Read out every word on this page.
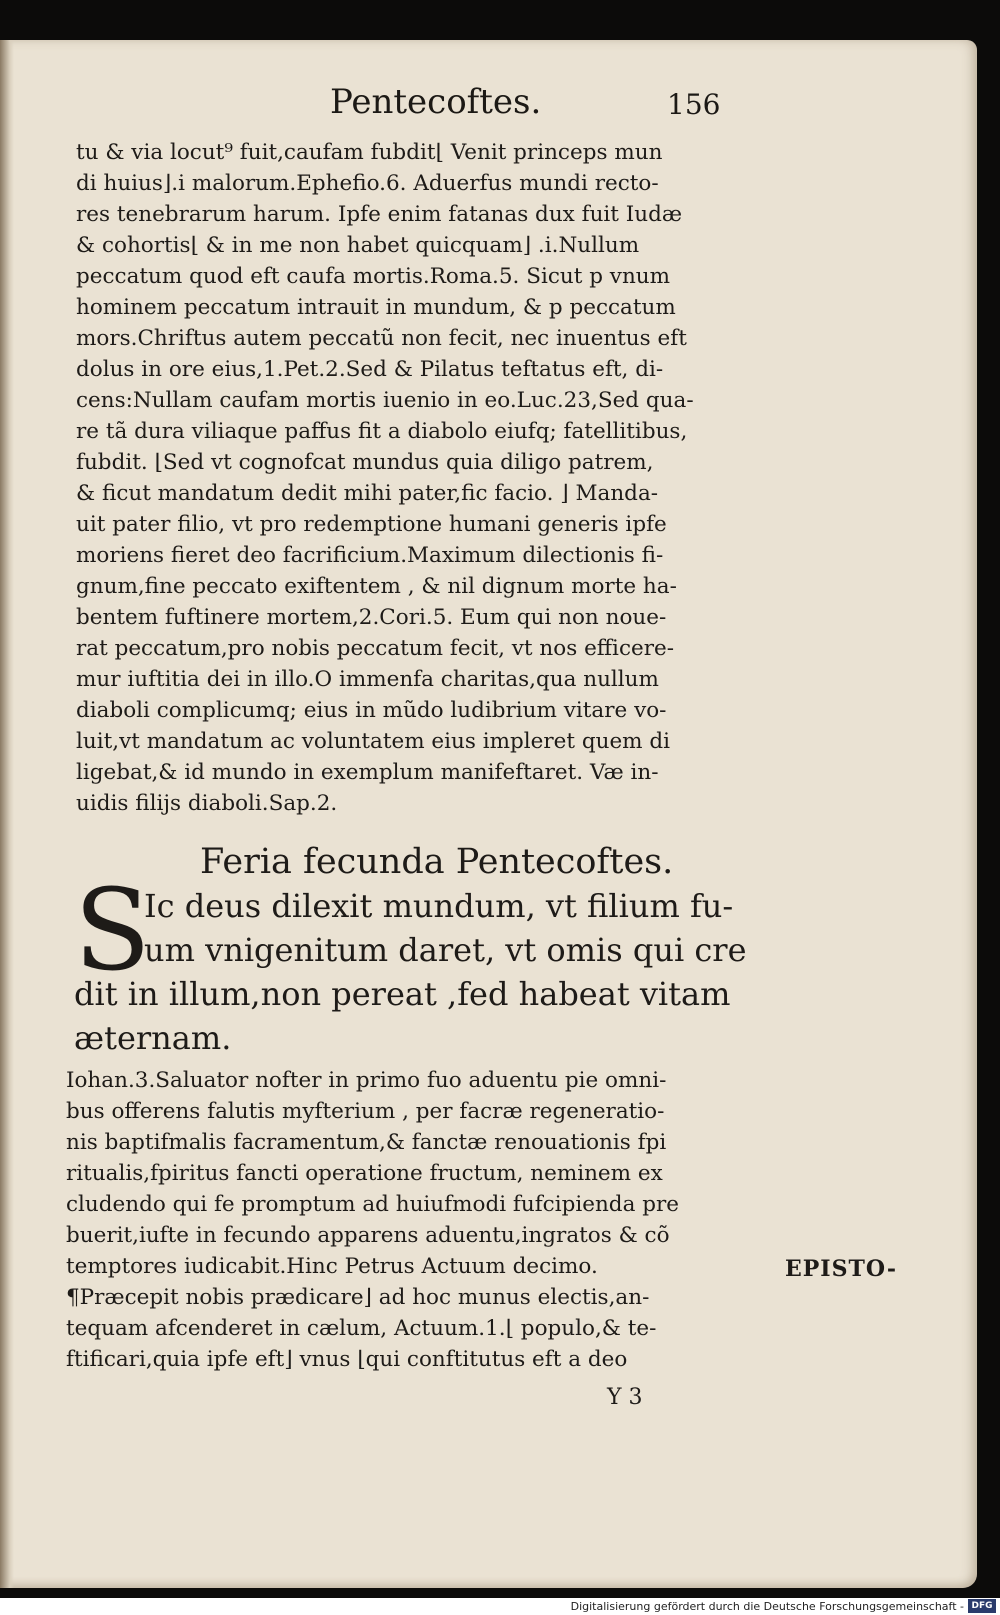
Pentecoftes.	156
tu & via locut⁹ fuit,caufam fubdit⌊ Venit princeps mun
di huius⌋.i malorum.Ephefio.6. Aduerfus mundi recto-
res tenebrarum harum. Ipfe enim fatanas dux fuit Iudæ
& cohortis⌊ & in me non habet quicquam⌋ .i.Nullum
peccatum quod eft caufa mortis.Roma.5. Sicut p vnum
hominem peccatum intrauit in mundum, & p peccatum
mors.Chriftus autem peccatũ non fecit, nec inuentus eft
dolus in ore eius,1.Pet.2.Sed & Pilatus teftatus eft, di-
cens:Nullam caufam mortis iuenio in eo.Luc.23,Sed qua-
re tã dura viliaque paffus fit a diabolo eiufq; fatellitibus,
fubdit. ⌊Sed vt cognofcat mundus quia diligo patrem,
& ficut mandatum dedit mihi pater,fic facio. ⌋ Manda-
uit pater filio, vt pro redemptione humani generis ipfe
moriens fieret deo facrificium.Maximum dilectionis fi-
gnum,fine peccato exiftentem , & nil dignum morte ha-
bentem fuftinere mortem,2.Cori.5. Eum qui non noue-
rat peccatum,pro nobis peccatum fecit, vt nos efficere-
mur iuftitia dei in illo.O immenfa charitas,qua nullum
diaboli complicumq; eius in mũdo ludibrium vitare vo-
luit,vt mandatum ac voluntatem eius impleret quem di
ligebat,& id mundo in exemplum manifeftaret. Væ in-
uidis filijs diaboli.Sap.2.
Feria fecunda Pentecoftes.
S
Ic deus dilexit mundum, vt filium fu-
um vnigenitum daret, vt omis qui cre
dit in illum,non pereat ,fed habeat vitam
æternam.
Iohan.3.Saluator nofter in primo fuo aduentu pie omni-
bus offerens falutis myfterium , per facræ regeneratio-
nis baptifmalis facramentum,& fanctæ renouationis fpi
ritualis,fpiritus fancti operatione fructum, neminem ex
cludendo qui fe promptum ad huiufmodi fufcipienda pre
buerit,iufte in fecundo apparens aduentu,ingratos & cõ
temptores iudicabit.Hinc Petrus Actuum decimo.
¶Præcepit nobis prædicare⌋ ad hoc munus electis,an-
tequam afcenderet in cælum, Actuum.1.⌊ populo,& te-
ftificari,quia ipfe eft⌋ vnus ⌊qui conftitutus eft a deo
EPISTO-
Y 3
Digitalisierung gefördert durch die Deutsche Forschungsgemeinschaft - DFG
